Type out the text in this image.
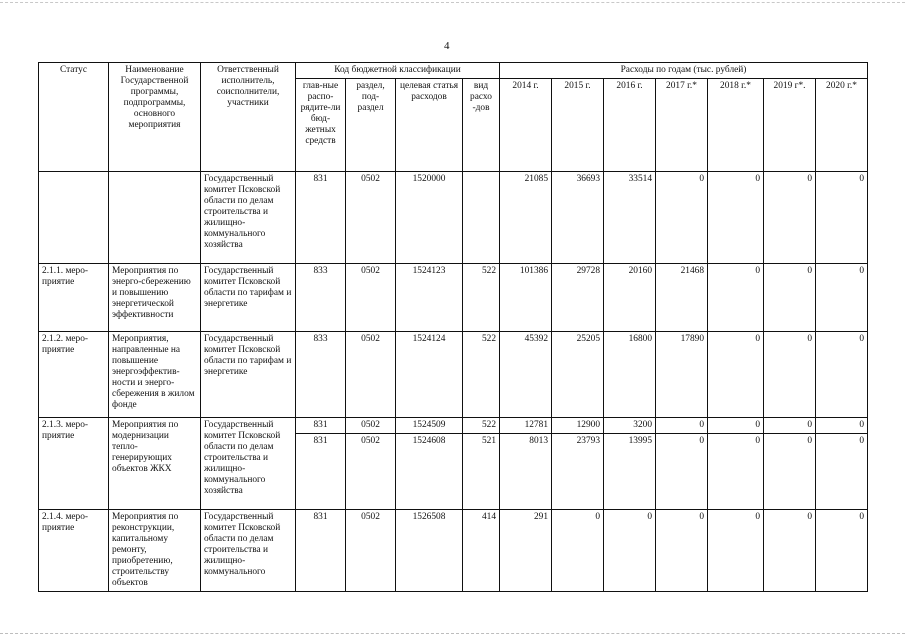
4
Статус	Наименование Государственной программы, подпрограммы, основного мероприятия	Ответственный исполнитель, соисполнители, участники	Код бюджетной классификации				Расходы по годам (тыс. рублей)						
			глав-ные распо-рядите-ли бюд-жетных средств	раздел, под-раздел	целевая статья расходов	вид расхо -дов	2014 г.	2015 г.	2016 г.	2017 г.*	2018 г.*	2019 г*.	2020 г.*
		Государственный комитет Псковской области по делам строительства и жилищно-коммунального хозяйства	831	0502	1520000		21085	36693	33514	0	0	0	0
2.1.1. меро-приятие	Мероприятия по энерго-сбережению и повышению энергетической эффективности	Государственный комитет Псковской области по тарифам и энергетике	833	0502	1524123	522	101386	29728	20160	21468	0	0	0
2.1.2. меро-приятие	Мероприятия, направленные на повышение энергоэффектив-ности и энерго-сбережения в жилом фонде	Государственный комитет Псковской области по тарифам и энергетике	833	0502	1524124	522	45392	25205	16800	17890	0	0	0
2.1.3. меро-приятие	Мероприятия по модернизации тепло-генерирующих объектов ЖКХ	Государственный комитет Псковской области по делам строительства и жилищно-коммунального хозяйства	831	0502	1524509	522	12781	12900	3200	0	0	0	0
			831	0502	1524608	521	8013	23793	13995	0	0	0	0
2.1.4. меро-приятие	Мероприятия по реконструкции, капитальному ремонту, приобретению, строительству объектов	Государственный комитет Псковской области по делам строительства и жилищно-коммунального	831	0502	1526508	414	291	0	0	0	0	0	0
